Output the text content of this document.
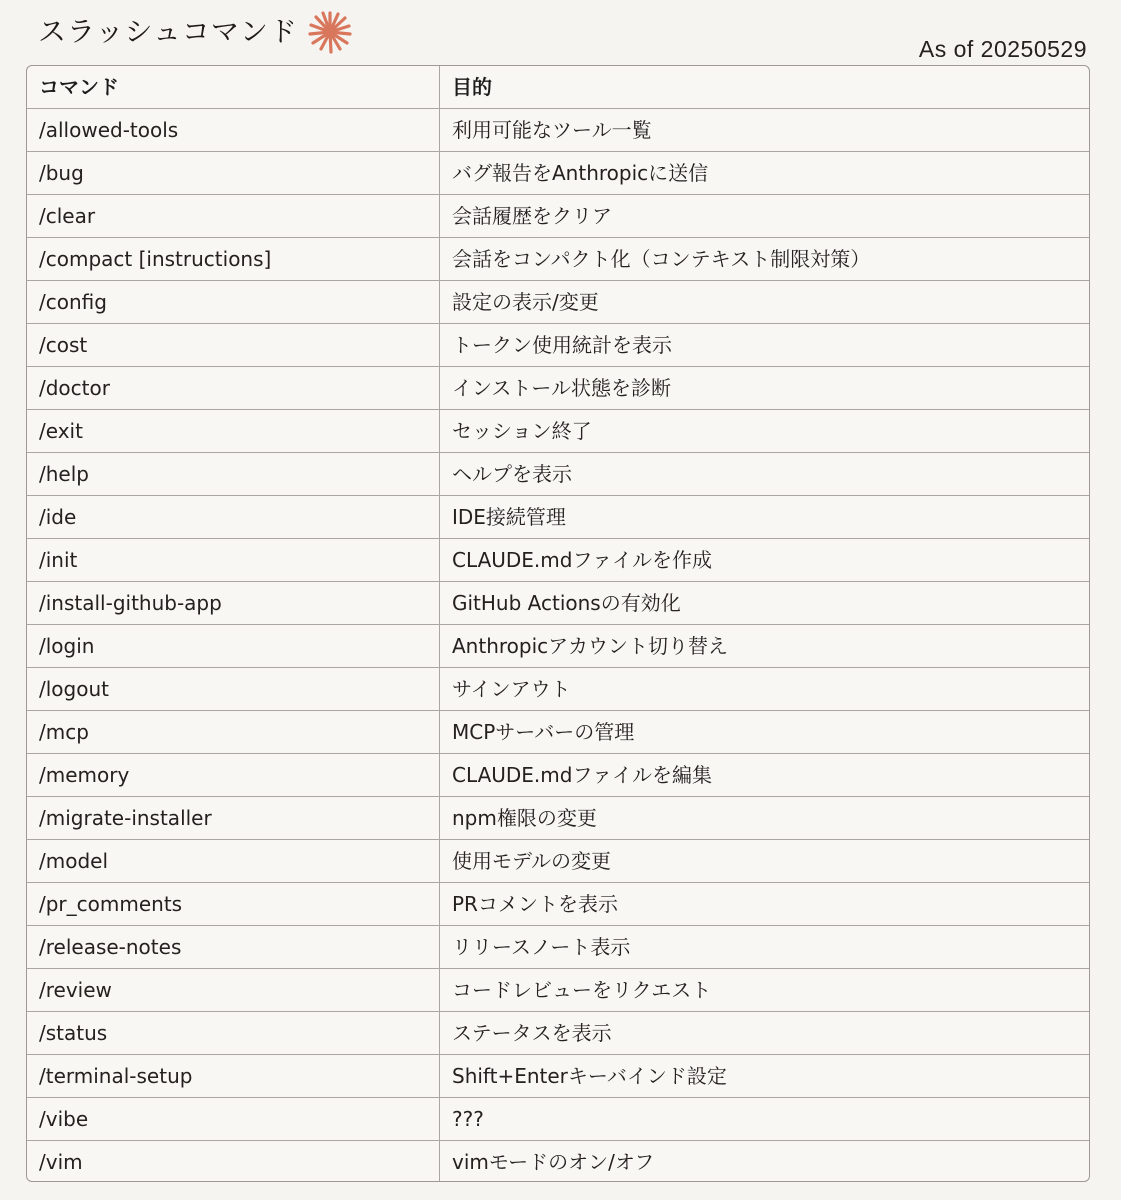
スラッシュコマンド
As of 20250529
コマンド	目的
/allowed-tools	利用可能なツール一覧
/bug	バグ報告をAnthropicに送信
/clear	会話履歴をクリア
/compact [instructions]	会話をコンパクト化（コンテキスト制限対策）
/config	設定の表示/変更
/cost	トークン使用統計を表示
/doctor	インストール状態を診断
/exit	セッション終了
/help	ヘルプを表示
/ide	IDE接続管理
/init	CLAUDE.mdファイルを作成
/install-github-app	GitHub Actionsの有効化
/login	Anthropicアカウント切り替え
/logout	サインアウト
/mcp	MCPサーバーの管理
/memory	CLAUDE.mdファイルを編集
/migrate-installer	npm権限の変更
/model	使用モデルの変更
/pr_comments	PRコメントを表示
/release-notes	リリースノート表示
/review	コードレビューをリクエスト
/status	ステータスを表示
/terminal-setup	Shift+Enterキーバインド設定
/vibe	???
/vim	vimモードのオン/オフ
